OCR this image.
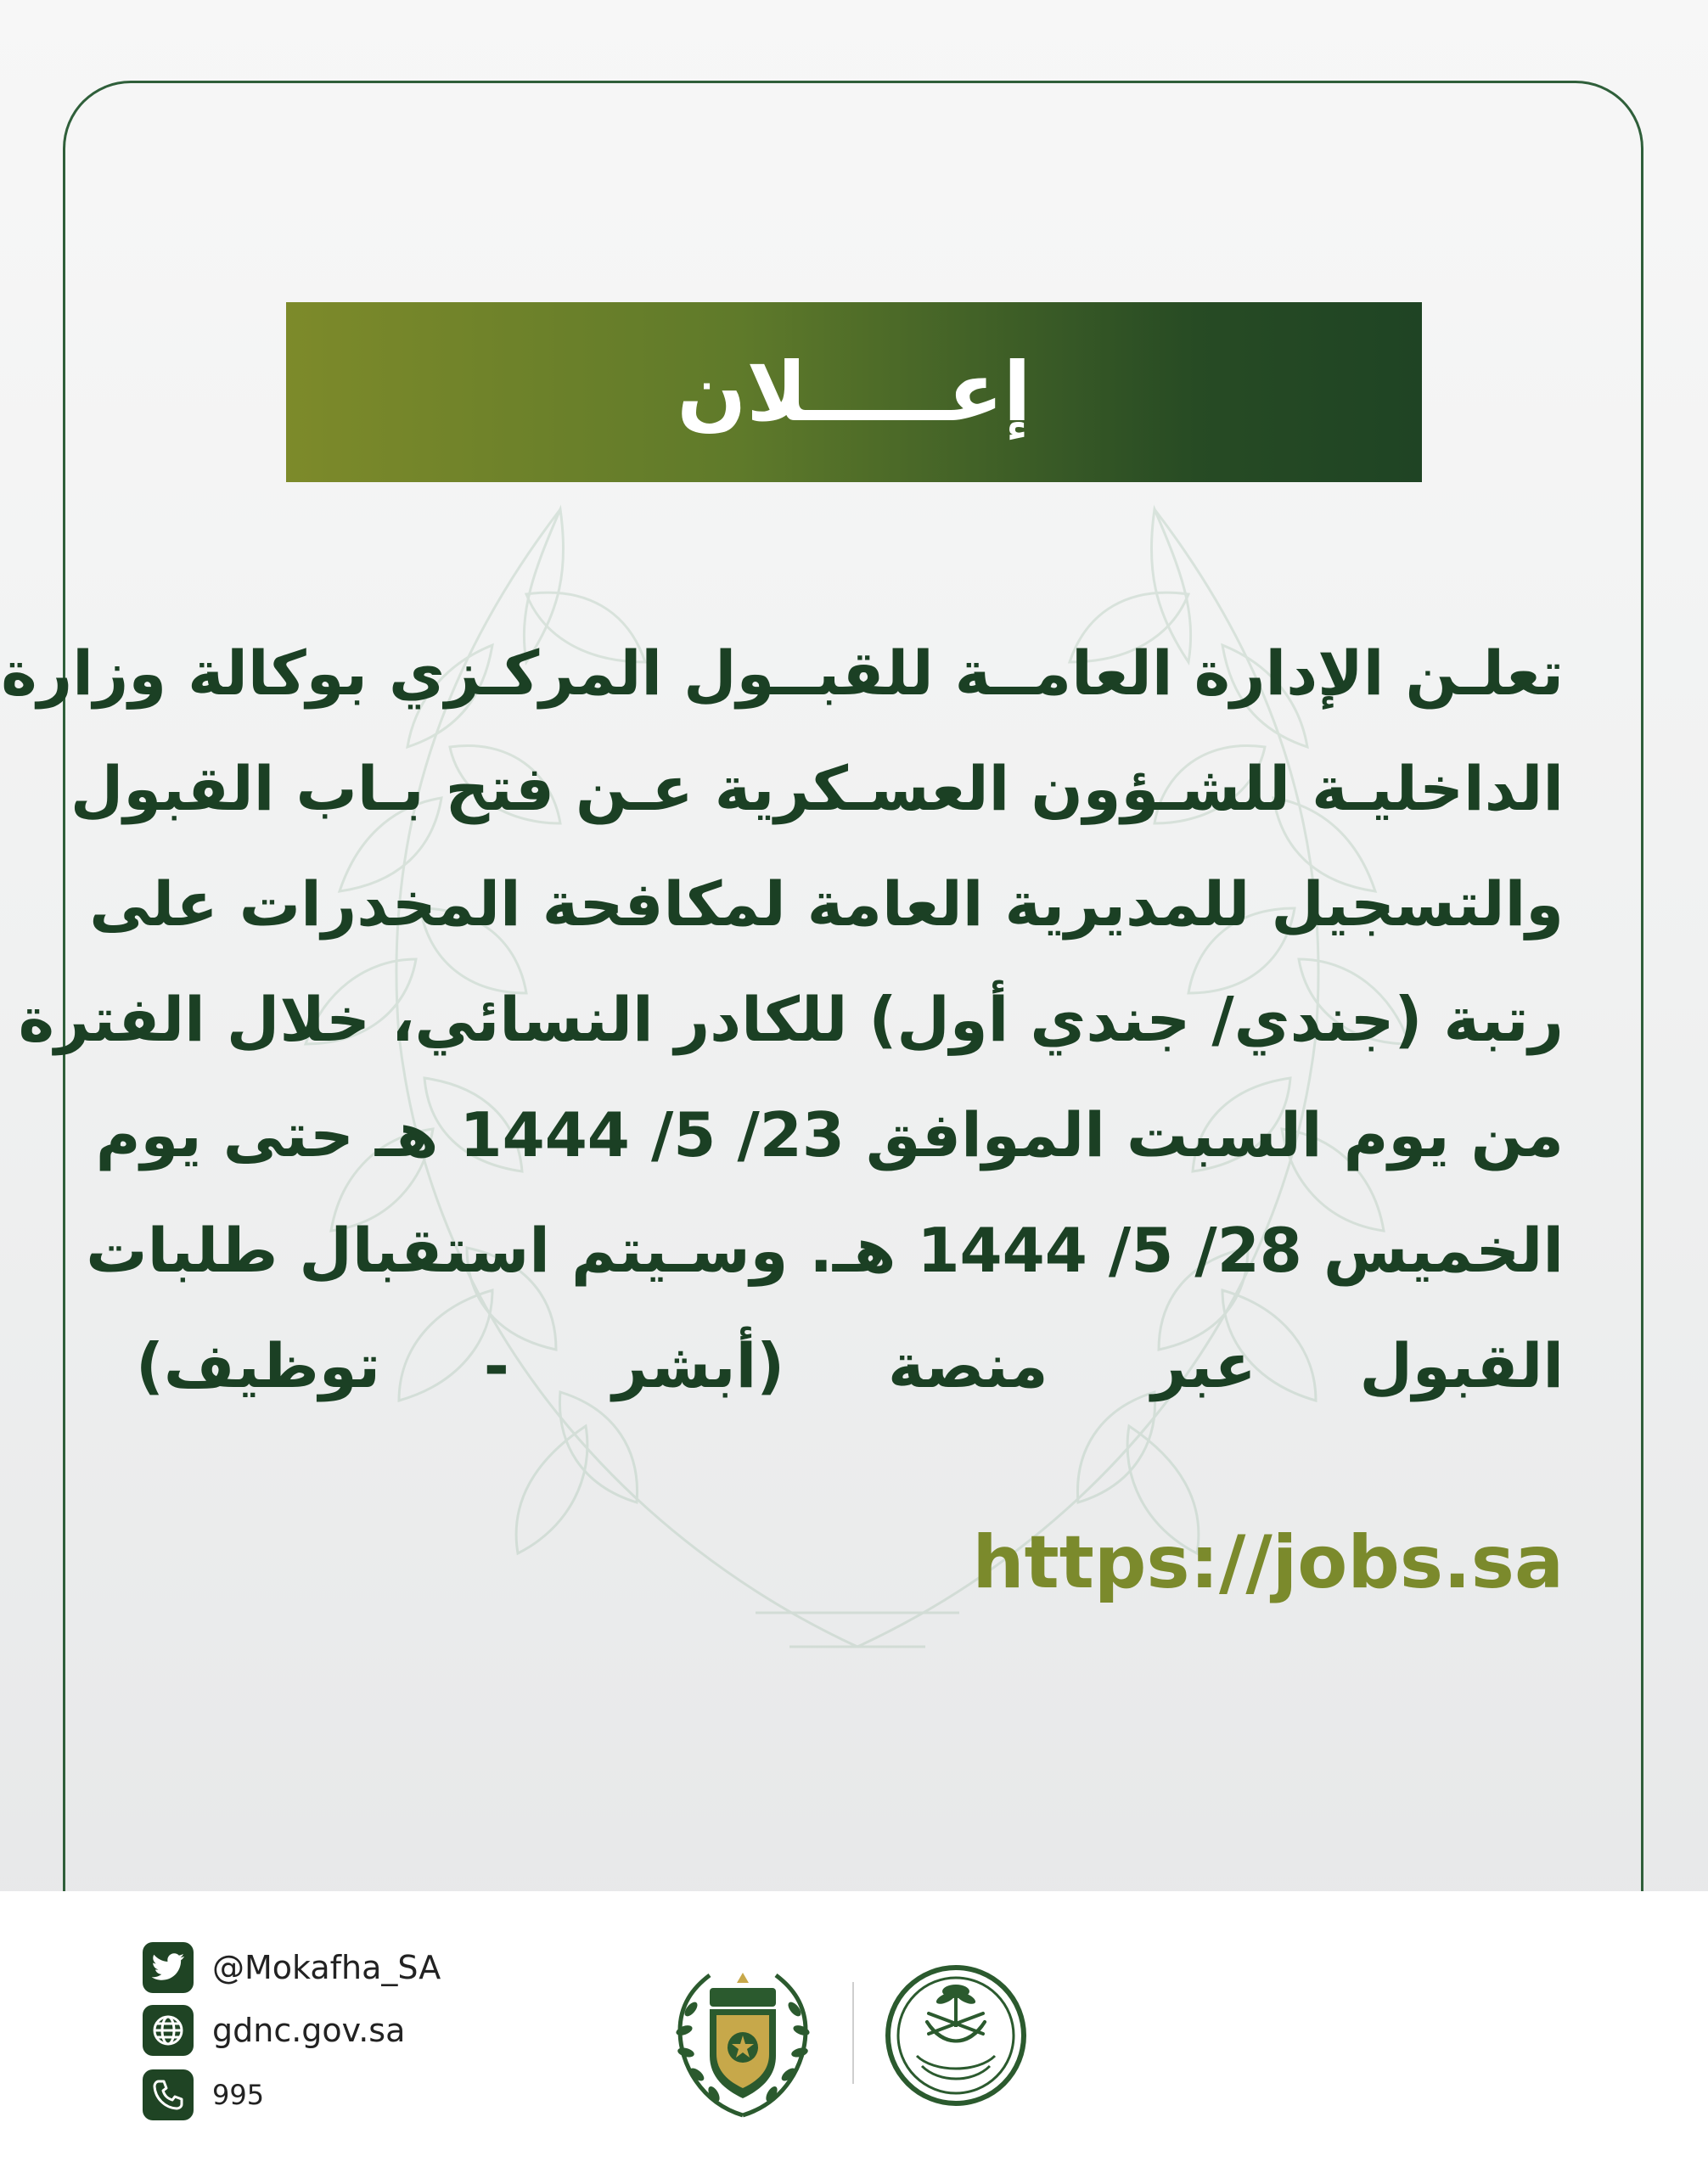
إعـــــلان
تعلـن الإدارة العامــة للقبــول المركـزي بوكالة وزارة
الداخليـة للشـؤون العسـكرية عـن فتح بـاب القبول
والتسجيل للمديرية العامة لمكافحة المخدرات على
رتبة (جندي/ جندي أول) للكادر النسائي، خلال الفترة
من يوم السبت الموافق 23/ 5/ 1444 هـ حتى يوم
الخميس 28/ 5/ 1444 هـ. وسـيتم استقبال طلبات
القبول عبر منصة (أبشر - توظيف)
https://jobs.sa
@Mokafha_SA
gdnc.gov.sa
995
